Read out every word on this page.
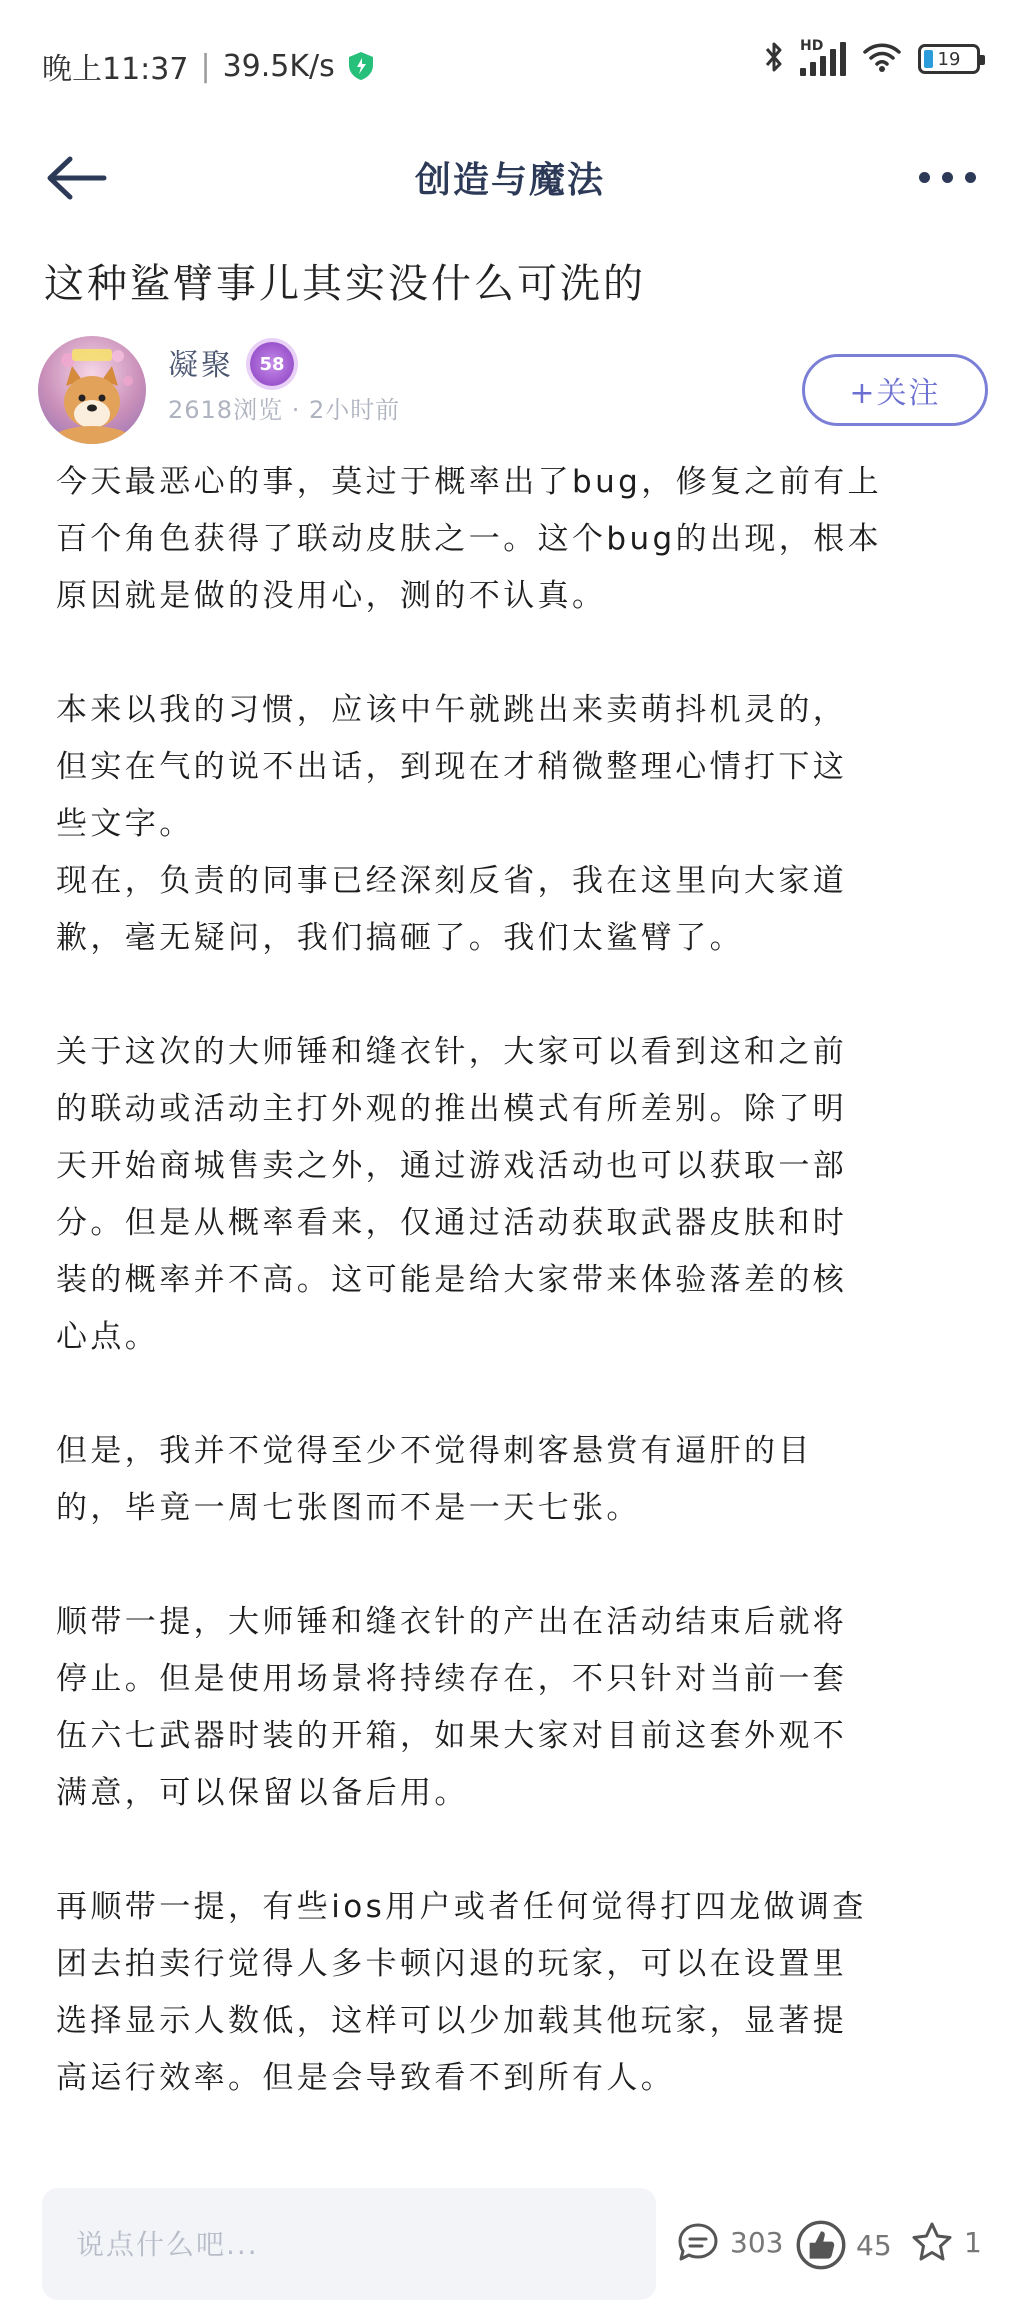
晚上11:37 | 39.5K/s
HD
19
创造与魔法
这种鲨臂事儿其实没什么可洗的
凝聚	58
2618浏览 · 2小时前	+关注

今天最恶心的事，莫过于概率出了bug，修复之前有上
百个角色获得了联动皮肤之一。这个bug的出现，根本
原因就是做的没用心，测的不认真。

本来以我的习惯，应该中午就跳出来卖萌抖机灵的，
但实在气的说不出话，到现在才稍微整理心情打下这
些文字。
现在，负责的同事已经深刻反省，我在这里向大家道
歉，毫无疑问，我们搞砸了。我们太鲨臂了。

关于这次的大师锤和缝衣针，大家可以看到这和之前
的联动或活动主打外观的推出模式有所差别。除了明
天开始商城售卖之外，通过游戏活动也可以获取一部
分。但是从概率看来，仅通过活动获取武器皮肤和时
装的概率并不高。这可能是给大家带来体验落差的核
心点。

但是，我并不觉得至少不觉得刺客悬赏有逼肝的目
的，毕竟一周七张图而不是一天七张。

顺带一提，大师锤和缝衣针的产出在活动结束后就将
停止。但是使用场景将持续存在，不只针对当前一套
伍六七武器时装的开箱，如果大家对目前这套外观不
满意，可以保留以备后用。

再顺带一提，有些ios用户或者任何觉得打四龙做调查
团去拍卖行觉得人多卡顿闪退的玩家，可以在设置里
选择显示人数低，这样可以少加载其他玩家，显著提
高运行效率。但是会导致看不到所有人。

说点什么吧...
303	45	1
